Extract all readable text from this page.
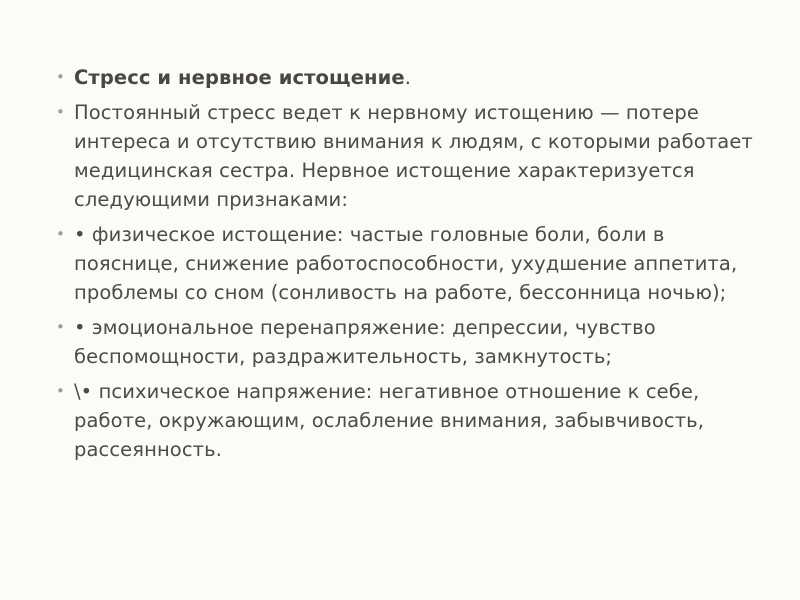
• Стресс и нервное истощение.
• Постоянный стресс ведет к нервному истощению — потере интереса и отсутствию внимания к людям, с которыми работает медицинская сестра. Нервное истощение характеризуется следующими признаками:
• • физическое истощение: частые головные боли, боли в пояснице, снижение работоспособности, ухудшение аппетита, проблемы со сном (сонливость на работе, бессонница ночью);
• • эмоциональное перенапряжение: депрессии, чувство беспомощности, раздражительность, замкнутость;
• \• психическое напряжение: негативное отношение к себе, работе, окружающим, ослабление внимания, забывчивость, рассеянность.
